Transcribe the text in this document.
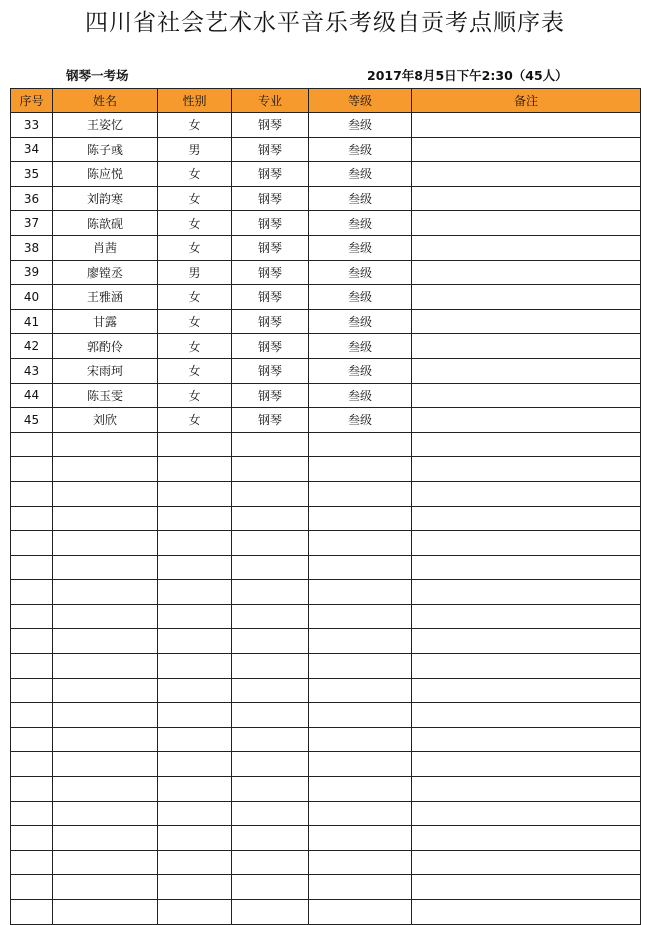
四川省社会艺术水平音乐考级自贡考点顺序表
钢琴一考场	2017年8月5日下午2:30（45人）
序号	姓名	性别	专业	等级	备注
33	王姿忆	女	钢琴	叁级	
34	陈子彧	男	钢琴	叁级	
35	陈应悦	女	钢琴	叁级	
36	刘韵寒	女	钢琴	叁级	
37	陈歆砚	女	钢琴	叁级	
38	肖茜	女	钢琴	叁级	
39	廖镗丞	男	钢琴	叁级	
40	王雅涵	女	钢琴	叁级	
41	甘露	女	钢琴	叁级	
42	郭酌伶	女	钢琴	叁级	
43	宋雨珂	女	钢琴	叁级	
44	陈玉雯	女	钢琴	叁级	
45	刘欣	女	钢琴	叁级	
